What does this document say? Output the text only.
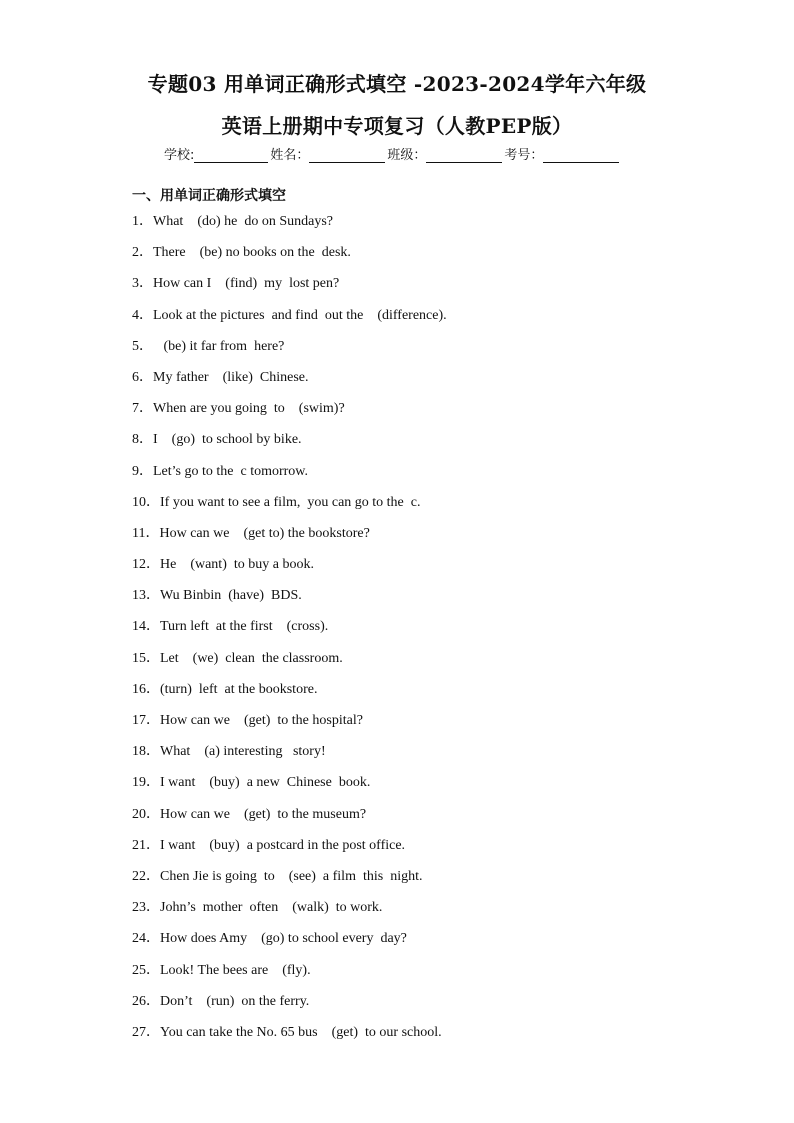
专题03 用单词正确形式填空 -2023-2024学年六年级
英语上册期中专项复习（人教PEP版）
学校:	姓名：	班级：	考号：
一、用单词正确形式填空
1． What    (do) he  do on Sundays?
2． There    (be) no books on the  desk.
3． How can I    (find)  my  lost pen?
4． Look at the pictures  and find  out the    (difference).
5． (be) it far from  here?
6． My father    (like)  Chinese.
7． When are you going  to    (swim)?
8． I    (go)  to school by bike.
9． Let’s go to the  c tomorrow.
10． If you want to see a film,  you can go to the  c.
11． How can we    (get to) the bookstore?
12． He    (want)  to buy a book.
13． Wu Binbin  (have)  BDS.
14． Turn left  at the first    (cross).
15． Let    (we)  clean  the classroom.
16． (turn)  left  at the bookstore.
17． How can we    (get)  to the hospital?
18． What    (a) interesting   story!
19． I want    (buy)  a new  Chinese  book.
20． How can we    (get)  to the museum?
21． I want    (buy)  a postcard in the post office.
22． Chen Jie is going  to    (see)  a film  this  night.
23． John’s  mother  often    (walk)  to work.
24． How does Amy    (go) to school every  day?
25． Look! The bees are    (fly).
26． Don’t    (run)  on the ferry.
27． You can take the No. 65 bus    (get)  to our school.
